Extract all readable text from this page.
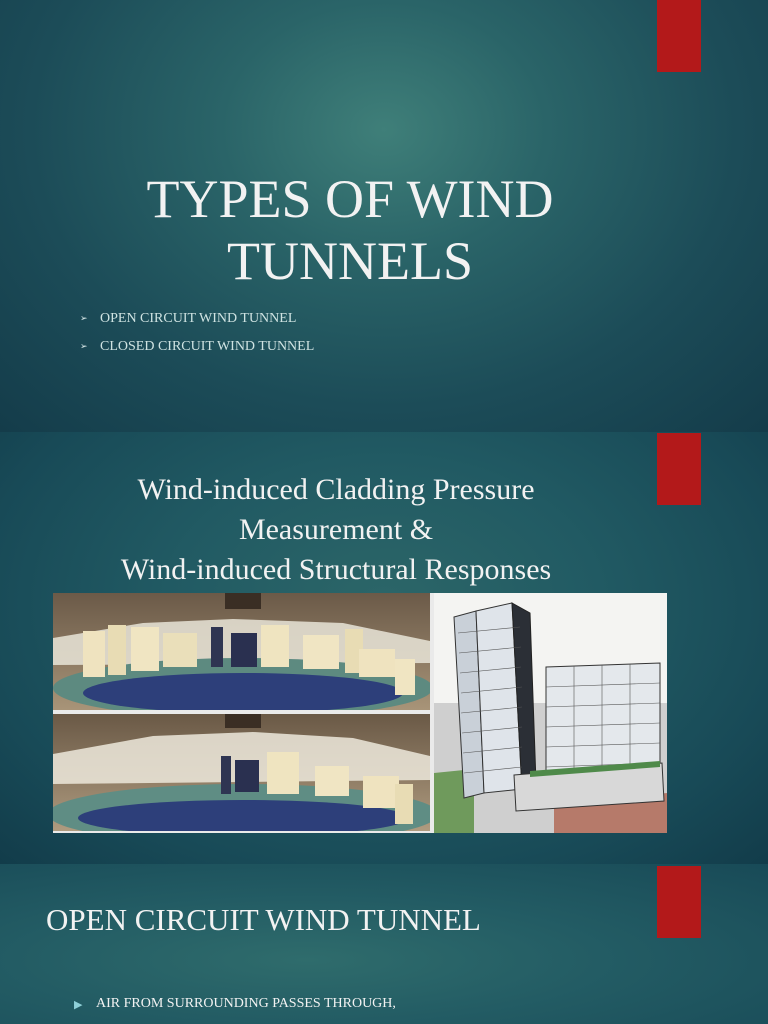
TYPES OF WIND
TUNNELS
➢ OPEN CIRCUIT WIND TUNNEL
➢ CLOSED CIRCUIT WIND TUNNEL
Wind-induced Cladding Pressure
Measurement &
Wind-induced Structural Responses
OPEN CIRCUIT WIND TUNNEL
▶ AIR FROM SURROUNDING PASSES THROUGH,
